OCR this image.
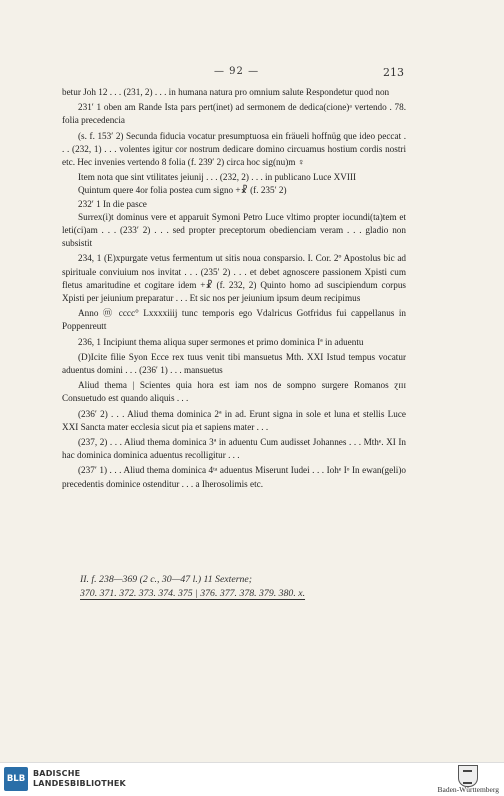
— 92 —	213

betur Joh 12 . . . (231, 2) . . . in humana natura pro omnium salute Respondetur quod non

231′ 1 oben am Rande Ista pars pert(inet) ad sermonem de dedica(cione)ᵃ vertendo . 78. folia precedencia

(s. f. 153′ 2) Secunda fiducia vocatur presumptuosa ein fräueli hoffnüg que ideo peccat . . . (232, 1) . . . volentes igitur cor nostrum dedicare domino circuamus hostium cordis nostri etc. Hec invenies vertendo 8 folia (f. 239′ 2) circa hoc sig(nu)m ♀

Item nota que sint vtilitates jeiunij . . . (232, 2) . . . in publicano Luce XVIII

Quintum quere 4or folia postea cum signo +☧ (f. 235′ 2)

232′ 1 In die pasce

Surrex(i)t dominus vere et apparuit Symoni Petro Luce vltimo propter iocundi(ta)tem et leti(ci)am . . . (233′ 2) . . . sed propter preceptorum obedienciam veram . . . gladio non subsistit

234, 1 (E)xpurgate vetus fermentum ut sitis noua consparsio. I. Cor. 2º Apostolus bic ad spirituale conviuium nos invitat . . . (235′ 2) . . . et debet agnoscere passionem Xpisti cum fletus amaritudine et cogitare idem +☧ (f. 232, 2) Quinto homo ad suscipiendum corpus Xpisti per jeiunium preparatur . . . Et sic nos per jeiunium ipsum deum recipimus

Anno ⓜ cccc° Lxxxxiiij tunc temporis ego Vdalricus Gotfridus fui cappellanus in Poppenreutt

236, 1 Incipiunt thema aliqua super sermones et primo dominica Iª in aduentu

(D)Icite filie Syon Ecce rex tuus venit tibi mansuetus Mth. XXI Istud tempus vocatur aduentus domini . . . (236′ 1) . . . mansuetus

Aliud thema | Scientes quia hora est iam nos de sompno surgere Romanos ɀɪɪɪ Consuetudo est quando aliquis . . .

(236′ 2) . . . Aliud thema dominica 2ª in ad. Erunt signa in sole et luna et stellis Luce XXI Sancta mater ecclesia sicut pia et sapiens mater . . .

(237, 2) . . . Aliud thema dominica 3ª in aduentu Cum audisset Johannes . . . Mthᵉ. XI In hac dominica dominica aduentus recolligitur . . .

(237′ 1) . . . Aliud thema dominica 4ᵗᵃ aduentus Miserunt Iudei . . . Iohᵉ Iᵒ In ewan(geli)o precedentis dominice ostenditur . . . a Iherosolimis etc.

II. f. 238—369 (2 c., 30—47 l.) 11 Sexterne;
370. 371. 372. 373. 374. 375 | 376. 377. 378. 379. 380. x.
BLB
BADISCHE
LANDESBIBLIOTHEK
Baden-Württemberg
